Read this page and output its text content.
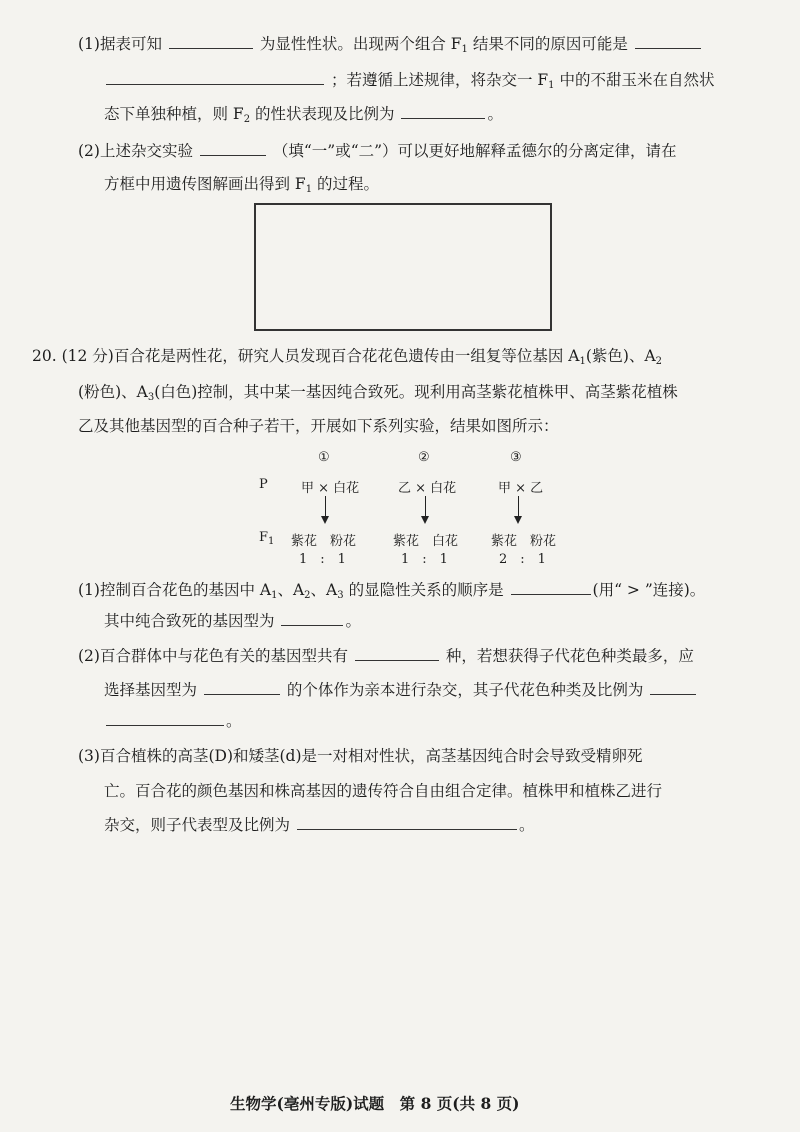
(1)据表可知	为显性性状。出现两个组合 $F_1$ 结果不同的原因可能是
；若遵循上述规律，将杂交一 $F_1$ 中的不甜玉米在自然状
态下单独种植，则 $F_2$ 的性状表现及比例为	。
(2)上述杂交实验	（填“一”或“二”）可以更好地解释孟德尔的分离定律，请在
方框中用遗传图解画出得到 $F_1$ 的过程。
20. (12 分)百合花是两性花，研究人员发现百合花花色遗传由一组复等位基因 $A_1$(紫色)、$A_2$
(粉色)、$A_3$(白色)控制，其中某一基因纯合致死。现利用高茎紫花植株甲、高茎紫花植株
乙及其他基因型的百合种子若干，开展如下系列实验，结果如图所示：
①	②	③
P	甲 × 白花	乙 × 白花	甲 × 乙
$F_1$ 紫花　粉花	紫花　白花	紫花　粉花
1　:　1	1　:　1	2　:　1
(1)控制百合花色的基因中 $A_1$、$A_2$、$A_3$ 的显隐性关系的顺序是	(用“ > ”连接)。
其中纯合致死的基因型为	。
(2)百合群体中与花色有关的基因型共有	种，若想获得子代花色种类最多，应
选择基因型为	的个体作为亲本进行杂交，其子代花色种类及比例为
。
(3)百合植株的高茎(D)和矮茎(d)是一对相对性状，高茎基因纯合时会导致受精卵死
亡。百合花的颜色基因和株高基因的遗传符合自由组合定律。植株甲和植株乙进行
杂交，则子代表型及比例为	。
生物学(亳州专版)试题　第 8 页(共 8 页)
